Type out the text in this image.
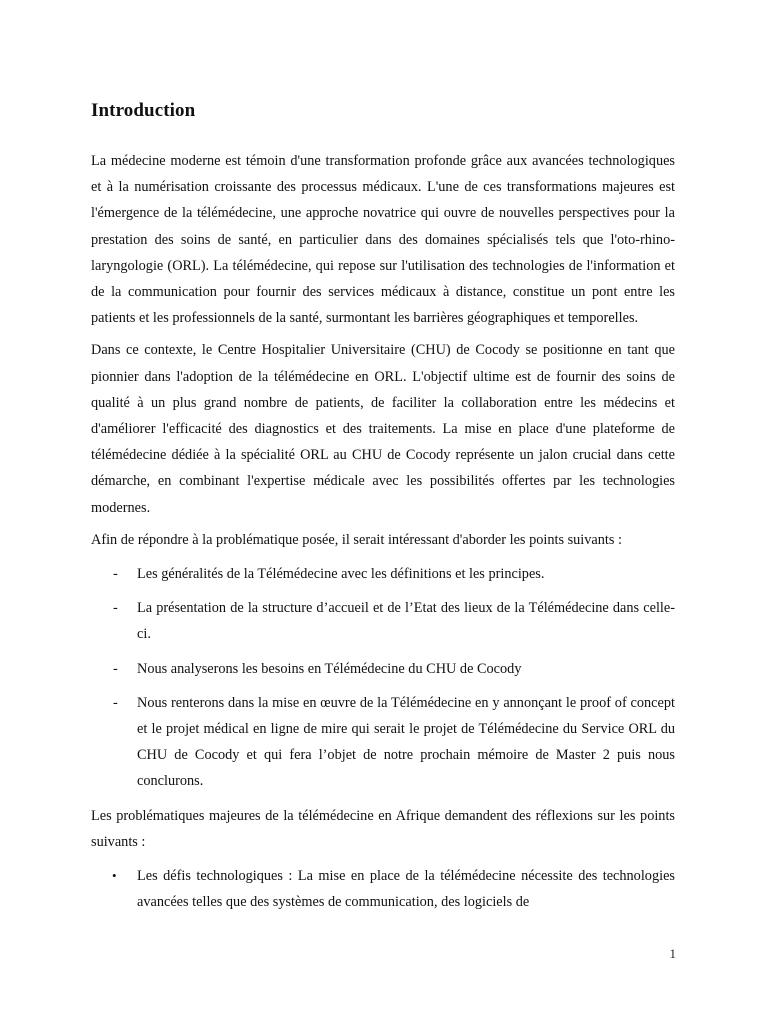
Introduction

La médecine moderne est témoin d'une transformation profonde grâce aux avancées technologiques et à la numérisation croissante des processus médicaux. L'une de ces transformations majeures est l'émergence de la télémédecine, une approche novatrice qui ouvre de nouvelles perspectives pour la prestation des soins de santé, en particulier dans des domaines spécialisés tels que l'oto-rhino-laryngologie (ORL). La télémédecine, qui repose sur l'utilisation des technologies de l'information et de la communication pour fournir des services médicaux à distance, constitue un pont entre les patients et les professionnels de la santé, surmontant les barrières géographiques et temporelles.

Dans ce contexte, le Centre Hospitalier Universitaire (CHU) de Cocody se positionne en tant que pionnier dans l'adoption de la télémédecine en ORL. L'objectif ultime est de fournir des soins de qualité à un plus grand nombre de patients, de faciliter la collaboration entre les médecins et d'améliorer l'efficacité des diagnostics et des traitements. La mise en place d'une plateforme de télémédecine dédiée à la spécialité ORL au CHU de Cocody représente un jalon crucial dans cette démarche, en combinant l'expertise médicale avec les possibilités offertes par les technologies modernes.

Afin de répondre à la problématique posée, il serait intéressant d'aborder les points suivants :

- Les généralités de la Télémédecine avec les définitions et les principes.
- La présentation de la structure d’accueil et de l’Etat des lieux de la Télémédecine dans celle-ci.
- Nous analyserons les besoins en Télémédecine du CHU de Cocody
- Nous renterons dans la mise en œuvre de la Télémédecine en y annonçant le proof of concept et le projet médical en ligne de mire qui serait le projet de Télémédecine du Service ORL du CHU de Cocody et qui fera l’objet de notre prochain mémoire de Master 2 puis nous conclurons.

Les problématiques majeures de la télémédecine en Afrique demandent des réflexions sur les points suivants :

• Les défis technologiques : La mise en place de la télémédecine nécessite des technologies avancées telles que des systèmes de communication, des logiciels de
1
